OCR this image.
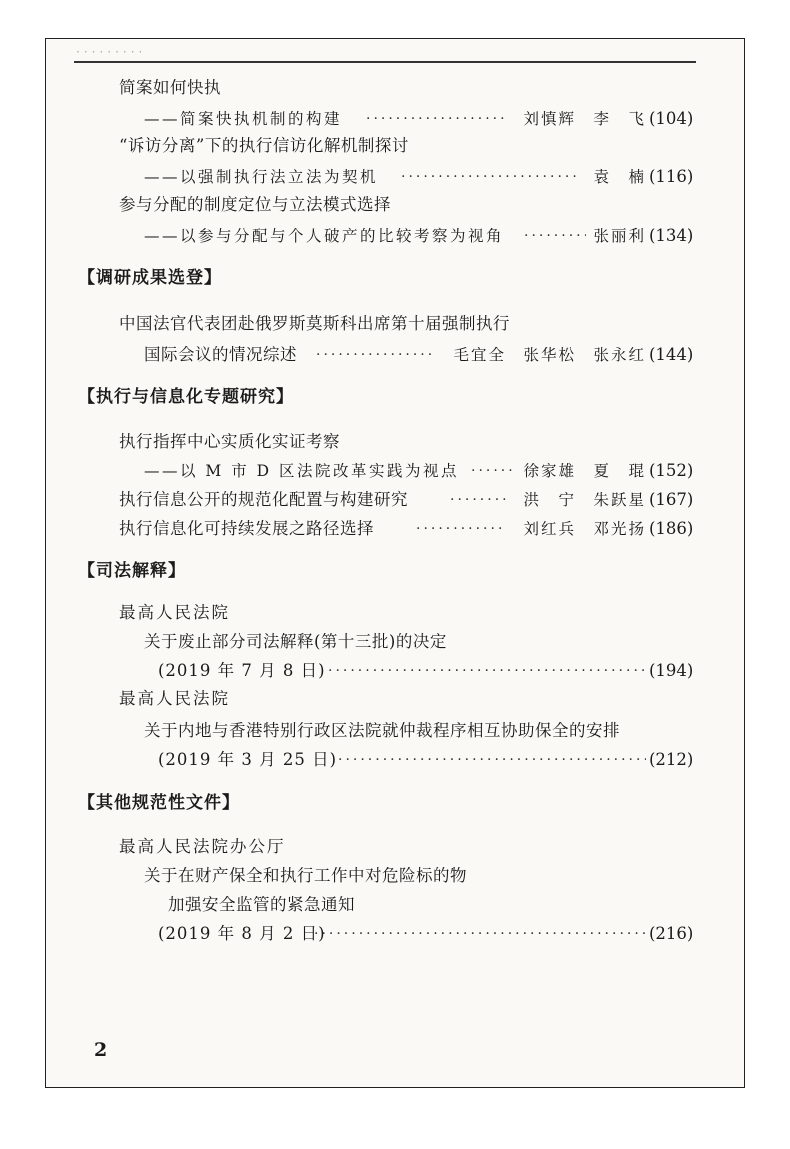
·········
简案如何快执
——简案快执机制的构建 ·····	刘慎辉　李　飞 (104)
“诉访分离”下的执行信访化解机制探讨
——以强制执行法立法为契机 ·····	袁　楠 (116)
参与分配的制度定位与立法模式选择
——以参与分配与个人破产的比较考察为视角 ·····	张丽利 (134)
【调研成果选登】
中国法官代表团赴俄罗斯莫斯科出席第十届强制执行
国际会议的情况综述 ·····	毛宜全　张华松　张永红 (144)
【执行与信息化专题研究】
执行指挥中心实质化实证考察
——以 M 市 D 区法院改革实践为视点 ·····	徐家雄　夏　琨 (152)
执行信息公开的规范化配置与构建研究 ·····	洪　宁　朱跃星 (167)
执行信息化可持续发展之路径选择 ·····	刘红兵　邓光扬 (186)
【司法解释】
最高人民法院
关于废止部分司法解释(第十三批)的决定
(2019 年 7 月 8 日) ·····	(194)
最高人民法院
关于内地与香港特别行政区法院就仲裁程序相互协助保全的安排
(2019 年 3 月 25 日) ·····	(212)
【其他规范性文件】
最高人民法院办公厅
关于在财产保全和执行工作中对危险标的物
加强安全监管的紧急通知
(2019 年 8 月 2 日) ·····	(216)
2
